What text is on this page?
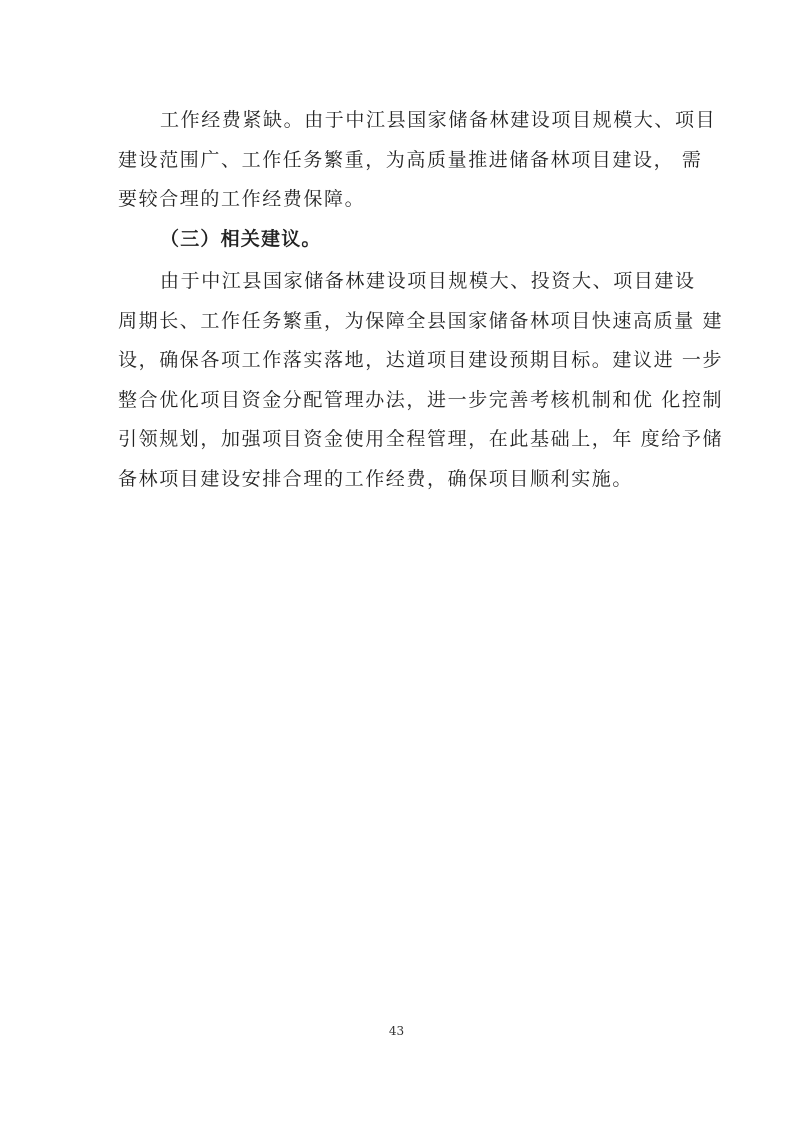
工作经费紧缺。由于中江县国家储备林建设项目规模大、项目
建设范围广、工作任务繁重，为高质量推进储备林项目建设， 需
要较合理的工作经费保障。
（三）相关建议。
由于中江县国家储备林建设项目规模大、投资大、项目建设
周期长、工作任务繁重，为保障全县国家储备林项目快速高质量 建
设，确保各项工作落实落地，达道项目建设预期目标。建议进 一步
整合优化项目资金分配管理办法，进一步完善考核机制和优 化控制
引领规划，加强项目资金使用全程管理，在此基础上，年 度给予储
备林项目建设安排合理的工作经费，确保项目顺利实施。
43
